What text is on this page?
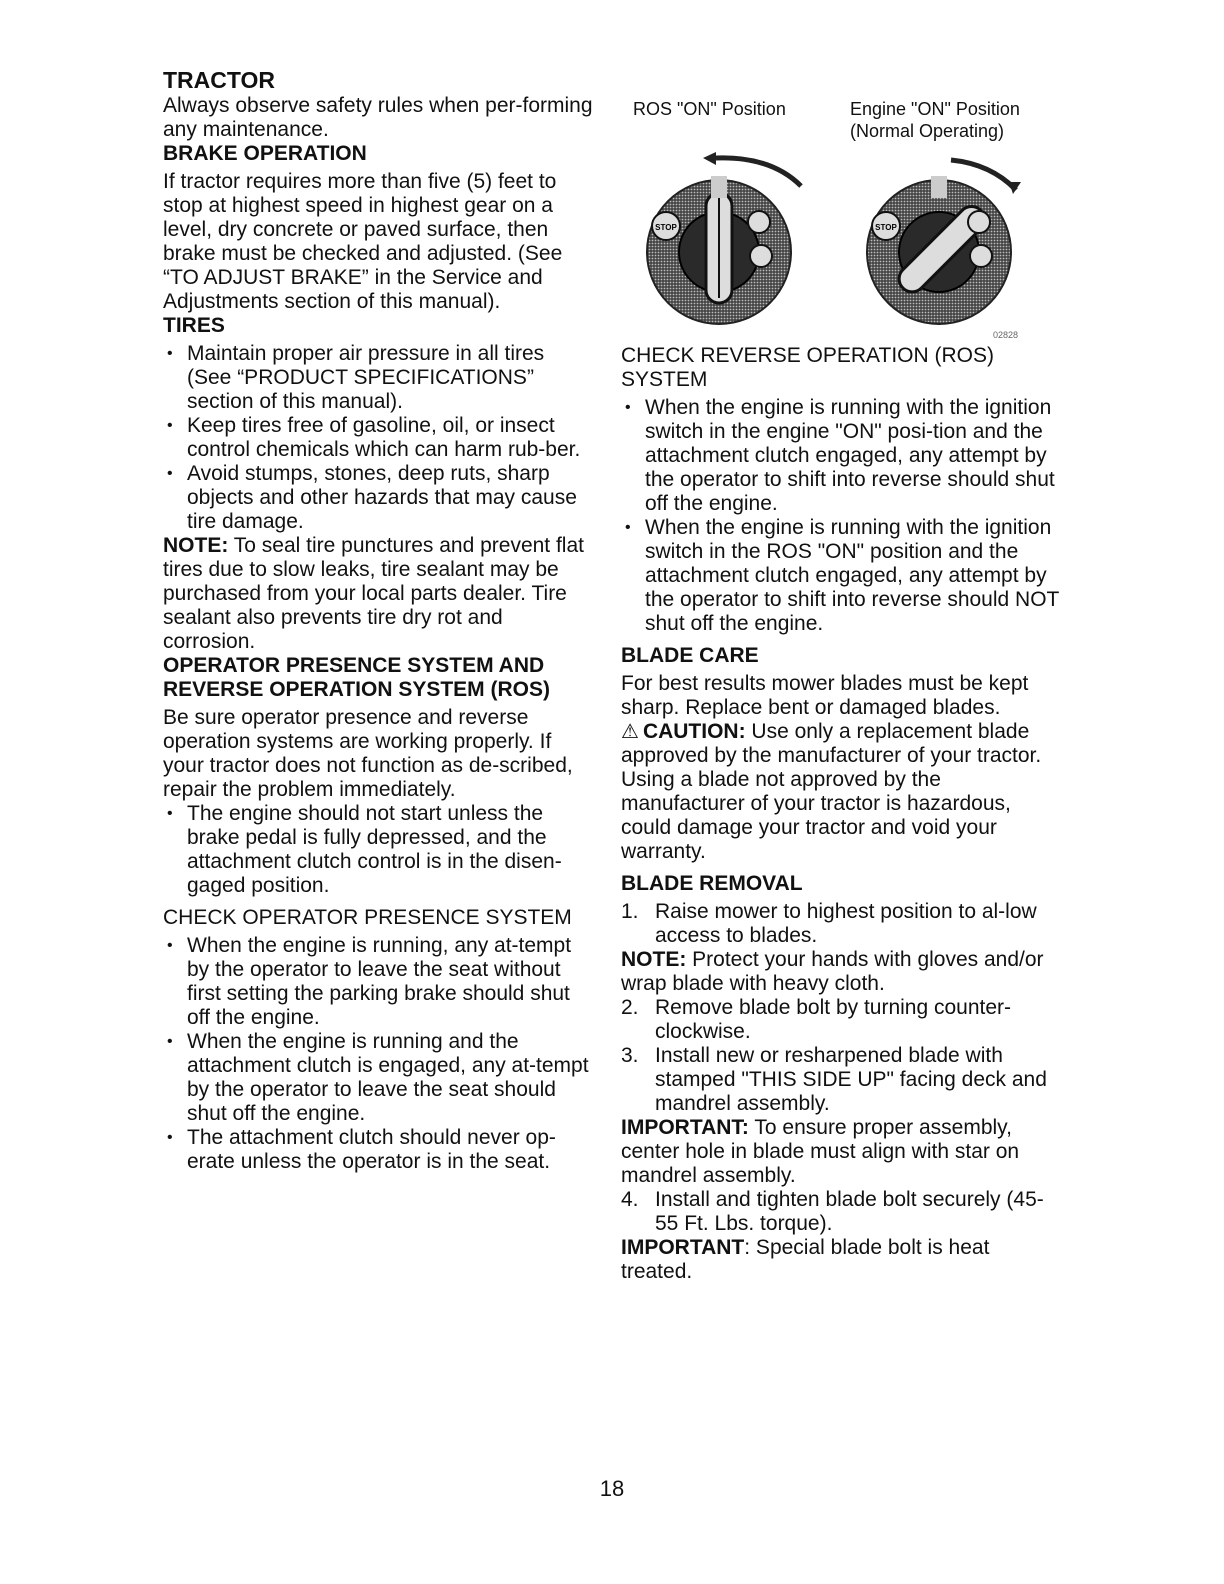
TRACTOR

Always observe safety rules when per-forming any maintenance.

BRAKE OPERATION

If tractor requires more than five (5) feet to stop at highest speed in highest gear on a level, dry concrete or paved surface, then brake must be checked and adjusted. (See “TO ADJUST BRAKE” in the Service and Adjustments section of this manual).

TIRES
• Maintain proper air pressure in all tires (See “PRODUCT SPECIFICATIONS” section of this manual).
• Keep tires free of gasoline, oil, or insect control chemicals which can harm rub-ber.
• Avoid stumps, stones, deep ruts, sharp objects and other hazards that may cause tire damage.

NOTE: To seal tire punctures and prevent flat tires due to slow leaks, tire sealant may be purchased from your local parts dealer. Tire sealant also prevents tire dry rot and corrosion.

OPERATOR PRESENCE SYSTEM AND REVERSE OPERATION SYSTEM (ROS)

Be sure operator presence and reverse operation systems are working properly. If your tractor does not function as de-scribed, repair the problem immediately.

• The engine should not start unless the brake pedal is fully depressed, and the attachment clutch control is in the disen-gaged position.
CHECK OPERATOR PRESENCE SYSTEM
• When the engine is running, any at-tempt by the operator to leave the seat without first setting the parking brake should shut off the engine.
• When the engine is running and the attachment clutch is engaged, any at-tempt by the operator to leave the seat should shut off the engine.
• The attachment clutch should never op-erate unless the operator is in the seat.
ROS "ON" Position	Engine "ON" Position
(Normal Operating)
STOP	STOP
02828
CHECK REVERSE OPERATION (ROS) SYSTEM
• When the engine is running with the ignition switch in the engine "ON" posi-tion and the attachment clutch engaged, any attempt by the operator to shift into reverse should shut off the engine.
• When the engine is running with the ignition switch in the ROS "ON" position and the attachment clutch engaged, any attempt by the operator to shift into reverse should NOT shut off the engine.
BLADE CARE

For best results mower blades must be kept sharp. Replace bent or damaged blades.

⚠ CAUTION: Use only a replacement blade approved by the manufacturer of your tractor. Using a blade not approved by the manufacturer of your tractor is hazardous, could damage your tractor and void your warranty.

BLADE REMOVAL
1. Raise mower to highest position to al-low access to blades.

NOTE: Protect your hands with gloves and/or wrap blade with heavy cloth.

2. Remove blade bolt by turning counter-clockwise.
3. Install new or resharpened blade with stamped "THIS SIDE UP" facing deck and mandrel assembly.

IMPORTANT: To ensure proper assembly, center hole in blade must align with star on mandrel assembly.

4. Install and tighten blade bolt securely (45-55 Ft. Lbs. torque).

IMPORTANT: Special blade bolt is heat treated.

18
